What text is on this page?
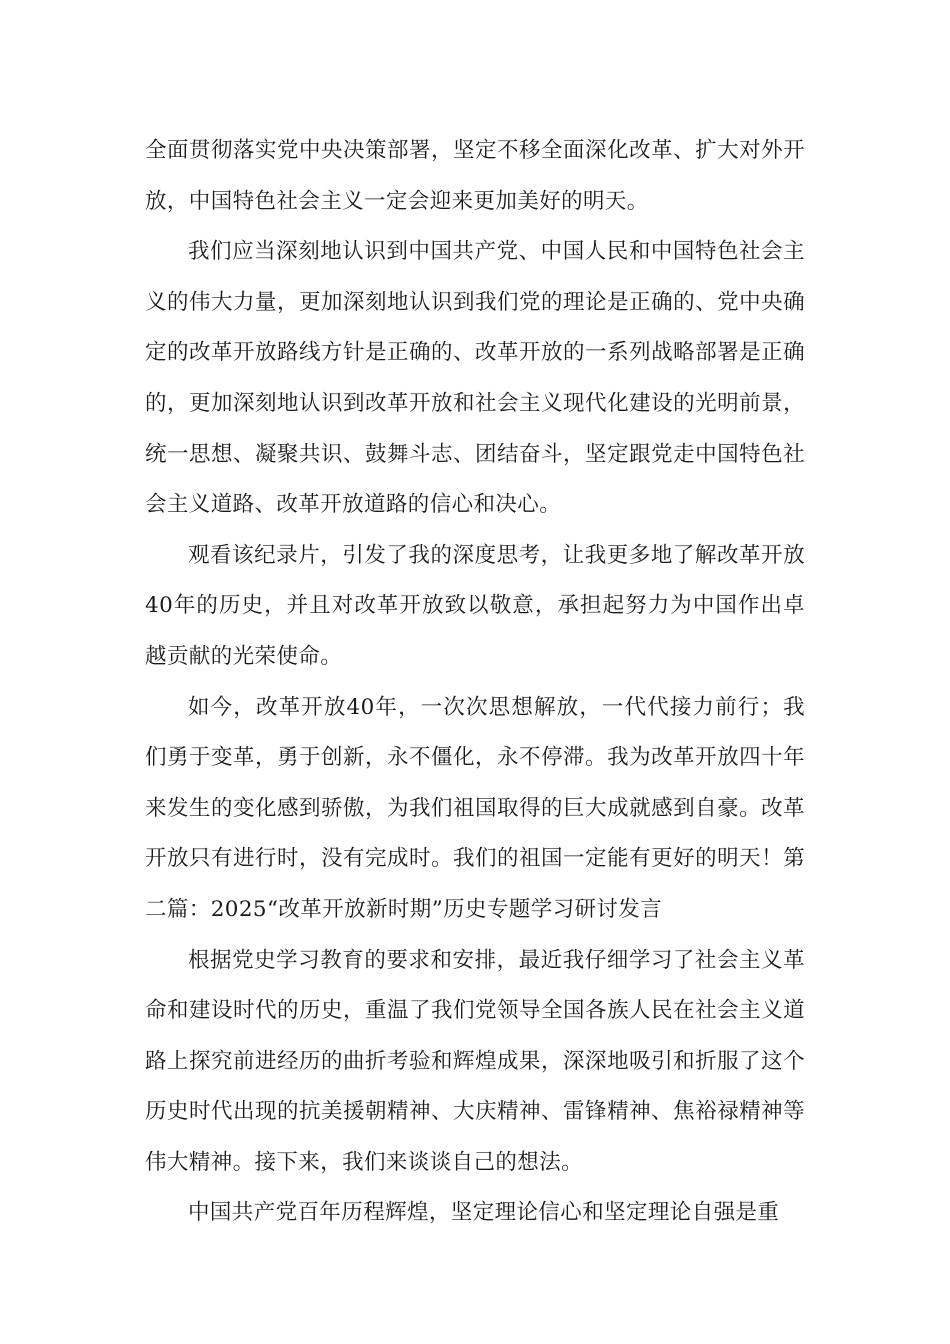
全面贯彻落实党中央决策部署，坚定不移全面深化改革、扩大对外开放，中国特色社会主义一定会迎来更加美好的明天。

我们应当深刻地认识到中国共产党、中国人民和中国特色社会主义的伟大力量，更加深刻地认识到我们党的理论是正确的、党中央确定的改革开放路线方针是正确的、改革开放的一系列战略部署是正确的，更加深刻地认识到改革开放和社会主义现代化建设的光明前景，统一思想、凝聚共识、鼓舞斗志、团结奋斗，坚定跟党走中国特色社会主义道路、改革开放道路的信心和决心。

观看该纪录片，引发了我的深度思考，让我更多地了解改革开放40年的历史，并且对改革开放致以敬意，承担起努力为中国作出卓越贡献的光荣使命。

如今，改革开放40年，一次次思想解放，一代代接力前行；我们勇于变革，勇于创新，永不僵化，永不停滞。我为改革开放四十年来发生的变化感到骄傲，为我们祖国取得的巨大成就感到自豪。改革开放只有进行时，没有完成时。我们的祖国一定能有更好的明天！第二篇：2025“改革开放新时期”历史专题学习研讨发言

根据党史学习教育的要求和安排，最近我仔细学习了社会主义革命和建设时代的历史，重温了我们党领导全国各族人民在社会主义道路上探究前进经历的曲折考验和辉煌成果，深深地吸引和折服了这个历史时代出现的抗美援朝精神、大庆精神、雷锋精神、焦裕禄精神等伟大精神。接下来，我们来谈谈自己的想法。

中国共产党百年历程辉煌，坚定理论信心和坚定理论自强是重
